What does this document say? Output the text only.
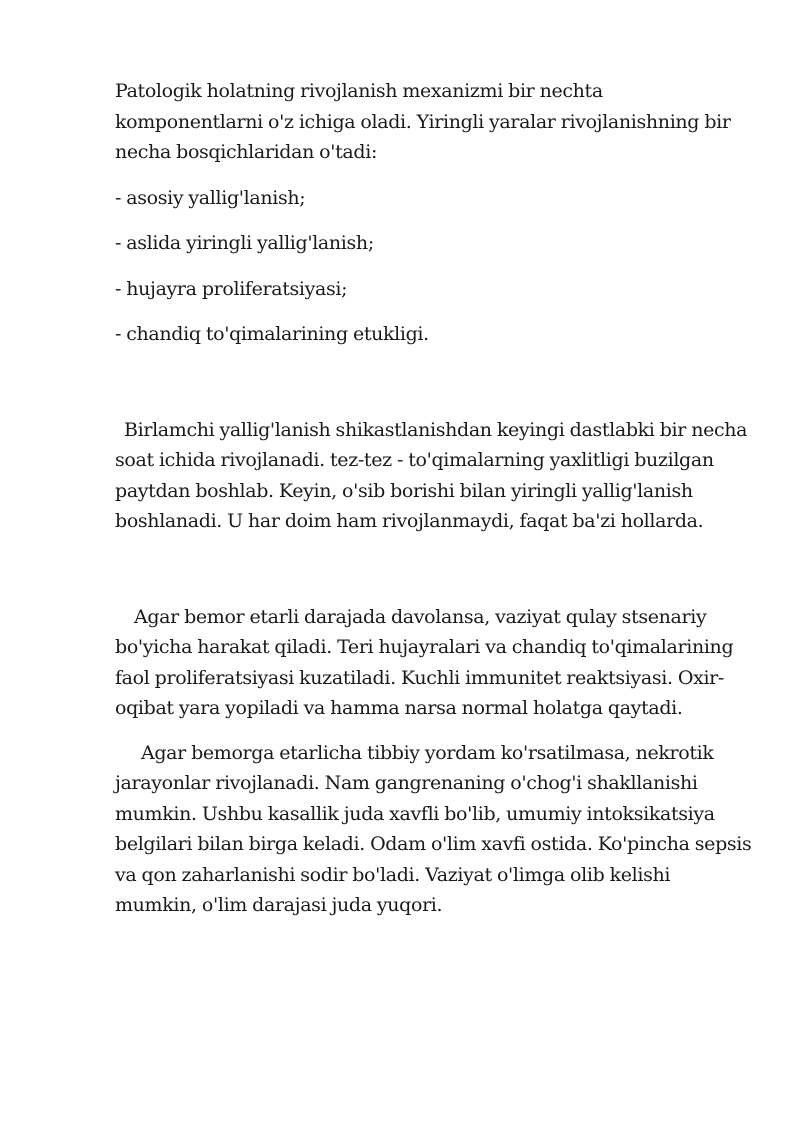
Patologik holatning rivojlanish mexanizmi bir nechta komponentlarni o'z ichiga oladi. Yiringli yaralar rivojlanishning bir necha bosqichlaridan o'tadi:

- asosiy yallig'lanish;

- aslida yiringli yallig'lanish;

- hujayra proliferatsiyasi;

- chandiq to'qimalarining etukligi.

Birlamchi yallig'lanish shikastlanishdan keyingi dastlabki bir necha soat ichida rivojlanadi. tez-tez - to'qimalarning yaxlitligi buzilgan paytdan boshlab. Keyin, o'sib borishi bilan yiringli yallig'lanish boshlanadi. U har doim ham rivojlanmaydi, faqat ba'zi hollarda.

Agar bemor etarli darajada davolansa, vaziyat qulay stsenariy bo'yicha harakat qiladi. Teri hujayralari va chandiq to'qimalarining faol proliferatsiyasi kuzatiladi. Kuchli immunitet reaktsiyasi. Oxir-oqibat yara yopiladi va hamma narsa normal holatga qaytadi.

Agar bemorga etarlicha tibbiy yordam ko'rsatilmasa, nekrotik jarayonlar rivojlanadi. Nam gangrenaning o'chog'i shakllanishi mumkin. Ushbu kasallik juda xavfli bo'lib, umumiy intoksikatsiya belgilari bilan birga keladi. Odam o'lim xavfi ostida. Ko'pincha sepsis va qon zaharlanishi sodir bo'ladi. Vaziyat o'limga olib kelishi mumkin, o'lim darajasi juda yuqori.
